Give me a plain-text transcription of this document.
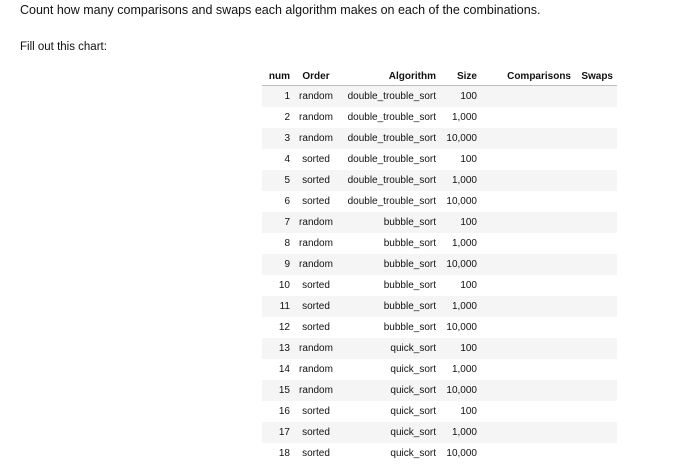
Count how many comparisons and swaps each algorithm makes on each of the combinations.
Fill out this chart:
num	Order	Algorithm	Size	Comparisons	Swaps
1	random	double_trouble_sort	100		
2	random	double_trouble_sort	1,000		
3	random	double_trouble_sort	10,000		
4	sorted	double_trouble_sort	100		
5	sorted	double_trouble_sort	1,000		
6	sorted	double_trouble_sort	10,000		
7	random	bubble_sort	100		
8	random	bubble_sort	1,000		
9	random	bubble_sort	10,000		
10	sorted	bubble_sort	100		
11	sorted	bubble_sort	1,000		
12	sorted	bubble_sort	10,000		
13	random	quick_sort	100		
14	random	quick_sort	1,000		
15	random	quick_sort	10,000		
16	sorted	quick_sort	100		
17	sorted	quick_sort	1,000		
18	sorted	quick_sort	10,000		
